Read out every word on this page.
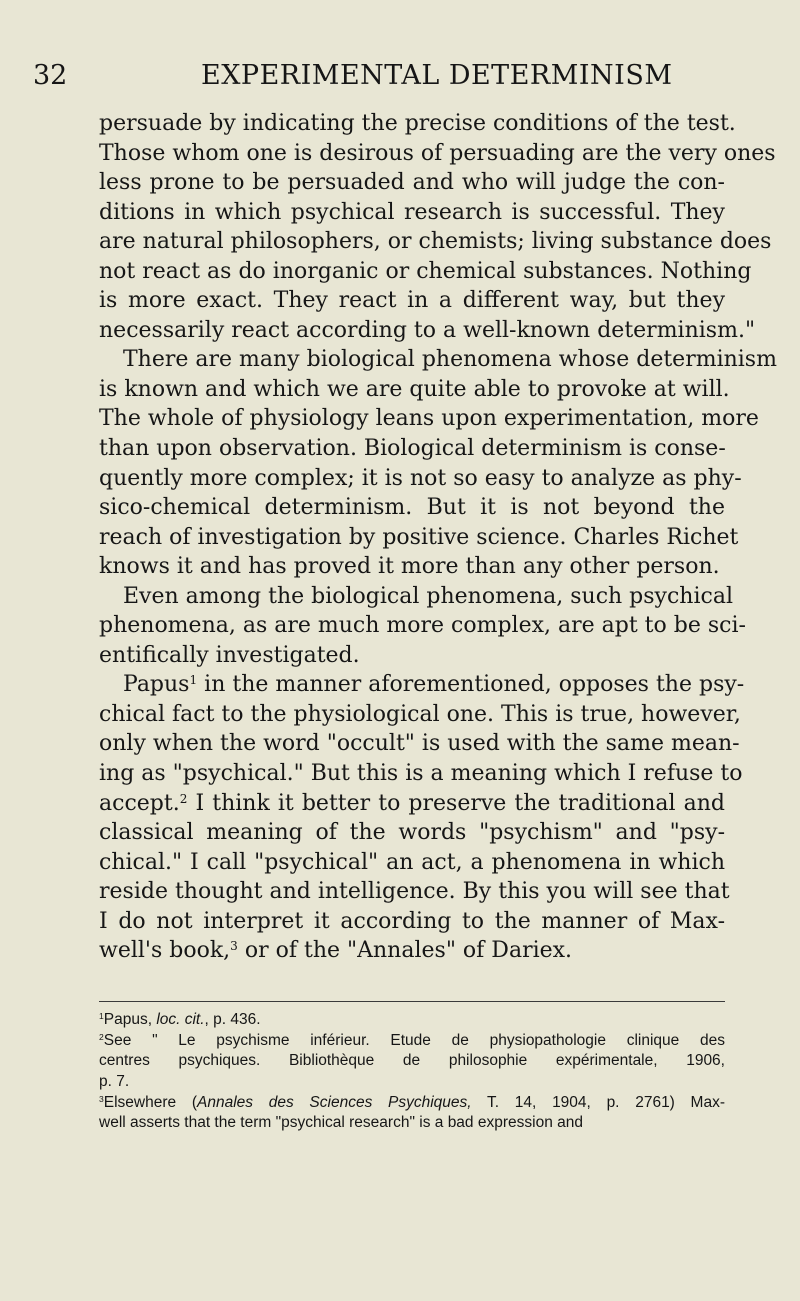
32	EXPERIMENTAL DETERMINISM
persuade by indicating the precise conditions of the test.
Those whom one is desirous of persuading are the very ones
less prone to be persuaded and who will judge the con-
ditions in which psychical research is successful. They
are natural philosophers, or chemists; living substance does
not react as do inorganic or chemical substances. Nothing
is more exact. They react in a different way, but they
necessarily react according to a well-known determinism."
There are many biological phenomena whose determinism
is known and which we are quite able to provoke at will.
The whole of physiology leans upon experimentation, more
than upon observation. Biological determinism is conse-
quently more complex; it is not so easy to analyze as phy-
sico-chemical determinism. But it is not beyond the
reach of investigation by positive science. Charles Richet
knows it and has proved it more than any other person.
Even among the biological phenomena, such psychical
phenomena, as are much more complex, are apt to be sci-
entifically investigated.
Papus$^1$ in the manner aforementioned, opposes the psy-
chical fact to the physiological one. This is true, however,
only when the word "occult" is used with the same mean-
ing as "psychical." But this is a meaning which I refuse to
accept.$^2$ I think it better to preserve the traditional and
classical meaning of the words "psychism" and "psy-
chical." I call "psychical" an act, a phenomena in which
reside thought and intelligence. By this you will see that
I do not interpret it according to the manner of Max-
well's book,$^3$ or of the "Annales" of Dariex.
$^1$Papus, loc. cit., p. 436.
$^2$See " Le psychisme inférieur. Etude de physiopathologie clinique des
centres psychiques. Bibliothèque de philosophie expérimentale, 1906,
p. 7.
$^3$Elsewhere (Annales des Sciences Psychiques, T. 14, 1904, p. 2761) Max-
well asserts that the term "psychical research" is a bad expression and
